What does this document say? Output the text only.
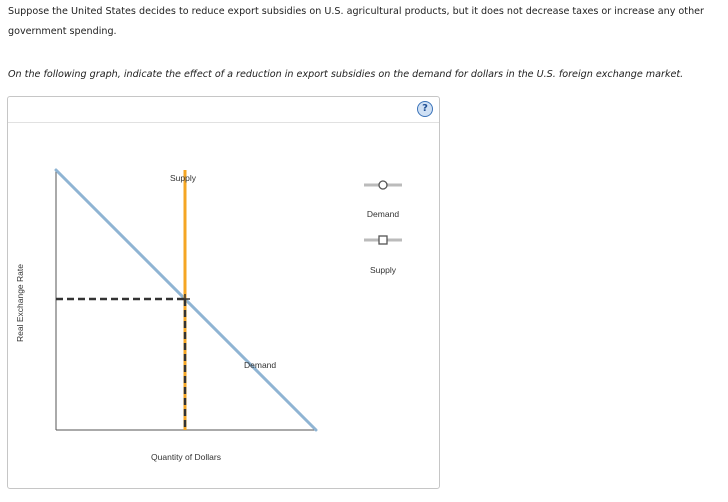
Suppose the United States decides to reduce export subsidies on U.S. agricultural products, but it does not decrease taxes or increase any other government spending.
On the following graph, indicate the effect of a reduction in export subsidies on the demand for dollars in the U.S. foreign exchange market.
?
Supply
Demand
Real Exchange Rate
Quantity of Dollars
Demand
Supply
